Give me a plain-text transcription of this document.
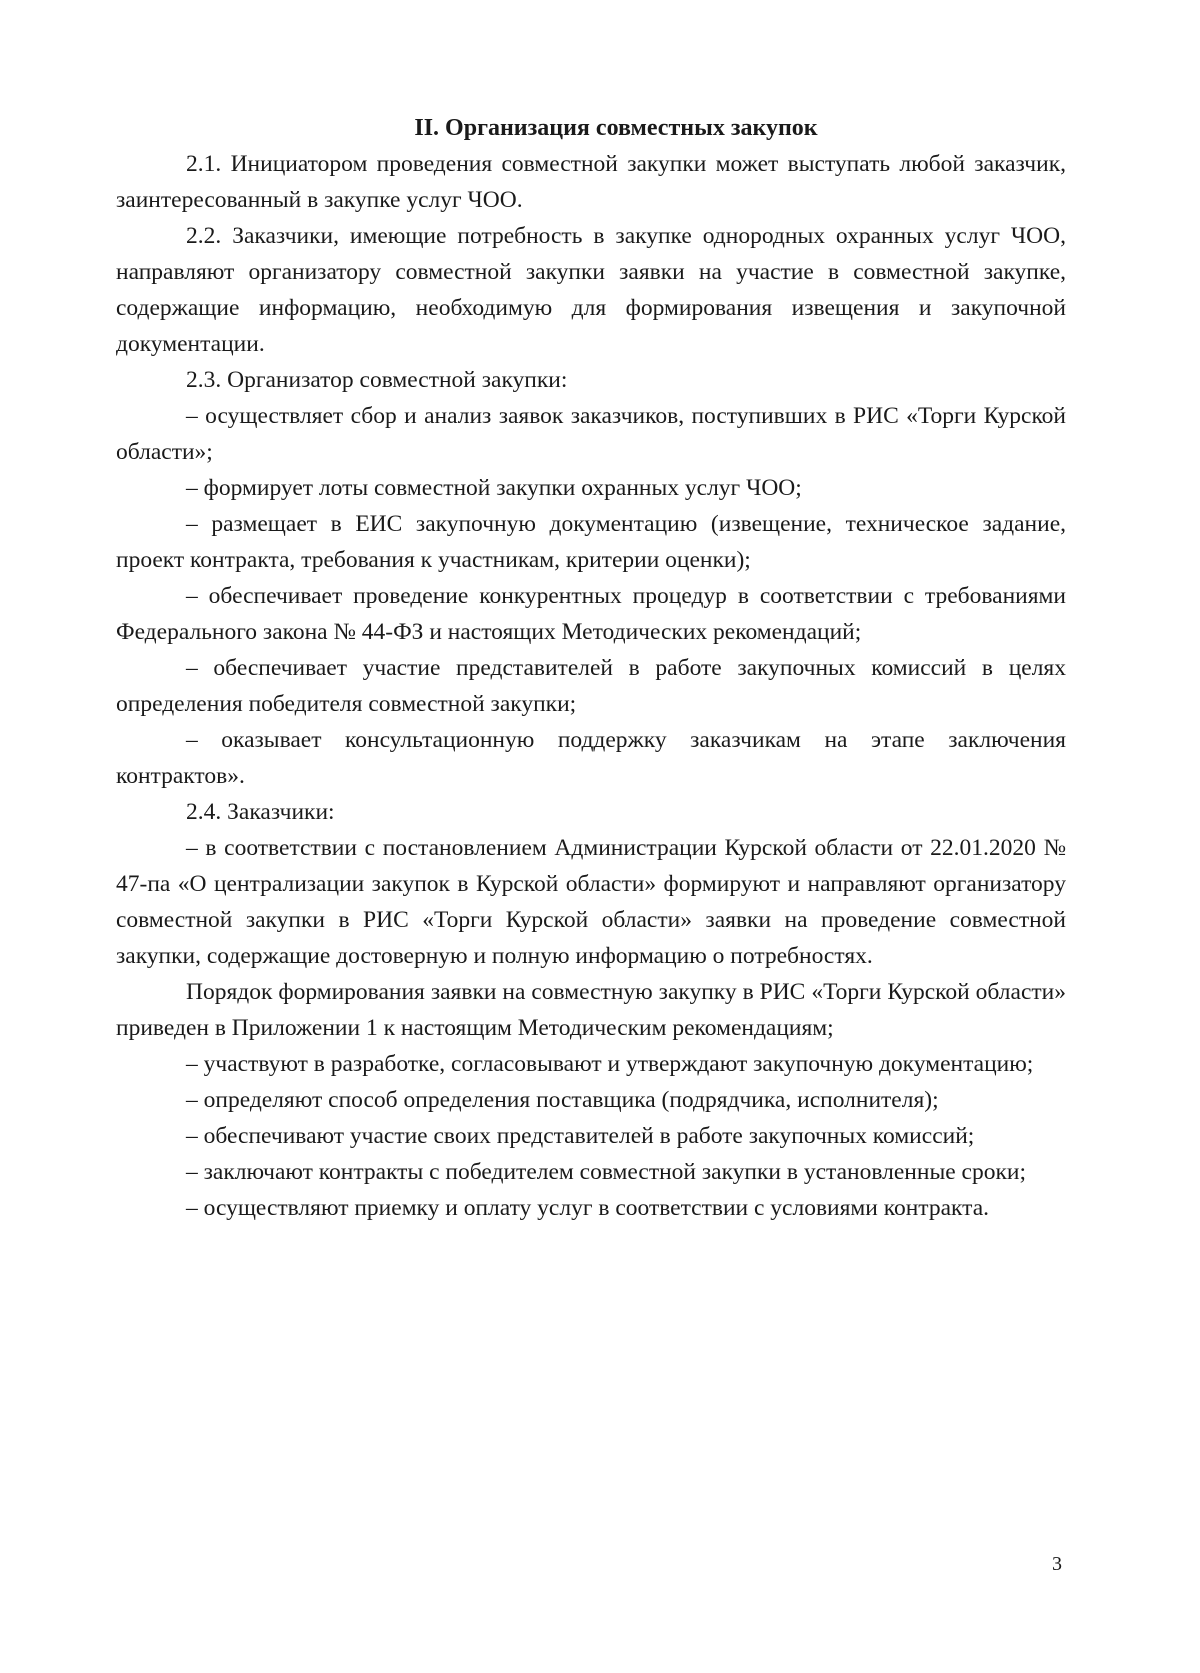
II. Организация совместных закупок

2.1. Инициатором проведения совместной закупки может выступать любой заказчик, заинтересованный в закупке услуг ЧОО.

2.2. Заказчики, имеющие потребность в закупке однородных охранных услуг ЧОО, направляют организатору совместной закупки заявки на участие в совместной закупке, содержащие информацию, необходимую для формирования извещения и закупочной документации.

2.3. Организатор совместной закупки:

– осуществляет сбор и анализ заявок заказчиков, поступивших в РИС «Торги Курской области»;

– формирует лоты совместной закупки охранных услуг ЧОО;

– размещает в ЕИС закупочную документацию (извещение, техническое задание, проект контракта, требования к участникам, критерии оценки);

– обеспечивает проведение конкурентных процедур в соответствии с требованиями Федерального закона № 44-ФЗ и настоящих Методических рекомендаций;

– обеспечивает участие представителей в работе закупочных комиссий в целях определения победителя совместной закупки;

– оказывает консультационную поддержку заказчикам на этапе заключения контрактов».

2.4. Заказчики:

– в соответствии с постановлением Администрации Курской области от 22.01.2020 № 47-па «О централизации закупок в Курской области» формируют и направляют организатору совместной закупки в РИС «Торги Курской области» заявки на проведение совместной закупки, содержащие достоверную и полную информацию о потребностях.

Порядок формирования заявки на совместную закупку в РИС «Торги Курской области» приведен в Приложении 1 к настоящим Методическим рекомендациям;

– участвуют в разработке, согласовывают и утверждают закупочную документацию;

– определяют способ определения поставщика (подрядчика, исполнителя);

– обеспечивают участие своих представителей в работе закупочных комиссий;

– заключают контракты с победителем совместной закупки в установленные сроки;

– осуществляют приемку и оплату услуг в соответствии с условиями контракта.

3
